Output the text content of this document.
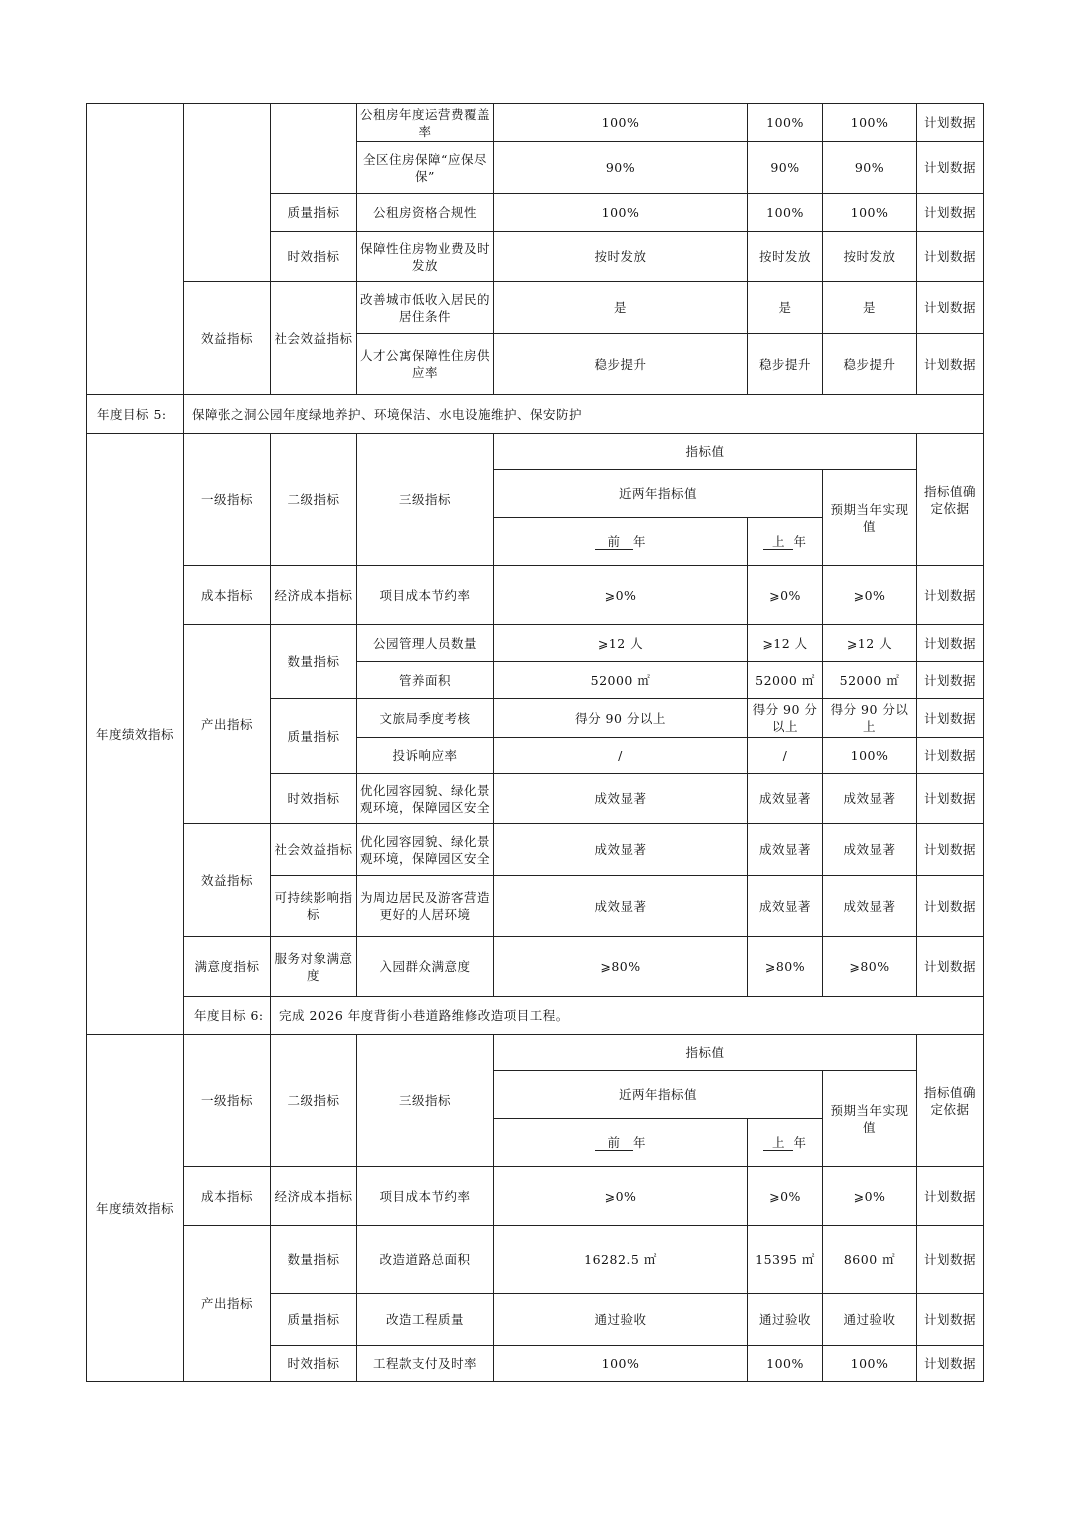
			公租房年度运营费覆盖率	100%	100%	100%	计划数据
			全区住房保障“应保尽保”	90%	90%	90%	计划数据
		质量指标	公租房资格合规性	100%	100%	100%	计划数据
		时效指标	保障性住房物业费及时发放	按时发放	按时发放	按时发放	计划数据
	效益指标	社会效益指标	改善城市低收入居民的居住条件	是	是	是	计划数据
			人才公寓保障性住房供应率	稳步提升	稳步提升	稳步提升	计划数据
年度目标 5:	保障张之洞公园年度绿地养护、环境保洁、水电设施维护、保安防护						
年度绩效指标	一级指标	二级指标	三级指标	指标值			指标值确定依据
				近两年指标值		预期当年实现值	
				前 年	上 年		
	成本指标	经济成本指标	项目成本节约率	⩾0%	⩾0%	⩾0%	计划数据
	产出指标	数量指标	公园管理人员数量	⩾12 人	⩾12 人	⩾12 人	计划数据
			管养面积	52000 ㎡	52000 ㎡	52000 ㎡	计划数据
		质量指标	文旅局季度考核	得分 90 分以上	得分 90 分以上	得分 90 分以上	计划数据
			投诉响应率	/	/	100%	计划数据
		时效指标	优化园容园貌、绿化景观环境，保障园区安全	成效显著	成效显著	成效显著	计划数据
	效益指标	社会效益指标	优化园容园貌、绿化景观环境，保障园区安全	成效显著	成效显著	成效显著	计划数据
		可持续影响指标	为周边居民及游客营造更好的人居环境	成效显著	成效显著	成效显著	计划数据
	满意度指标	服务对象满意度	入园群众满意度	⩾80%	⩾80%	⩾80%	计划数据
	年度目标 6:	完成 2026 年度背街小巷道路维修改造项目工程。					
年度绩效指标	一级指标	二级指标	三级指标	指标值			指标值确定依据
				近两年指标值		预期当年实现值	
				前 年	上 年		
	成本指标	经济成本指标	项目成本节约率	⩾0%	⩾0%	⩾0%	计划数据
	产出指标	数量指标	改造道路总面积	16282.5 ㎡	15395 ㎡	8600 ㎡	计划数据
		质量指标	改造工程质量	通过验收	通过验收	通过验收	计划数据
		时效指标	工程款支付及时率	100%	100%	100%	计划数据
